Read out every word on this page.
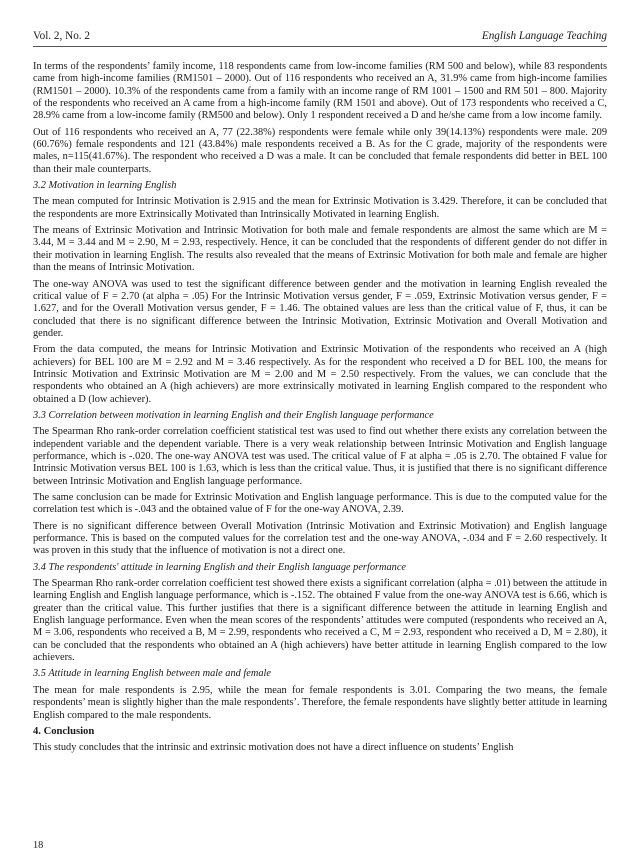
Vol. 2, No. 2	English Language Teaching

In terms of the respondents’ family income, 118 respondents came from low-income families (RM 500 and below), while 83 respondents came from high-income families (RM1501 – 2000). Out of 116 respondents who received an A, 31.9% came from high-income families (RM1501 – 2000). 10.3% of the respondents came from a family with an income range of RM 1001 – 1500 and RM 501 – 800. Majority of the respondents who received an A came from a high-income family (RM 1501 and above). Out of 173 respondents who received a C, 28.9% came from a low-income family (RM500 and below). Only 1 respondent received a D and he/she came from a low income family.

Out of 116 respondents who received an A, 77 (22.38%) respondents were female while only 39(14.13%) respondents were male. 209 (60.76%) female respondents and 121 (43.84%) male respondents received a B. As for the C grade, majority of the respondents were males, n=115(41.67%). The respondent who received a D was a male. It can be concluded that female respondents did better in BEL 100 than their male counterparts.

3.2 Motivation in learning English

The mean computed for Intrinsic Motivation is 2.915 and the mean for Extrinsic Motivation is 3.429. Therefore, it can be concluded that the respondents are more Extrinsically Motivated than Intrinsically Motivated in learning English.

The means of Extrinsic Motivation and Intrinsic Motivation for both male and female respondents are almost the same which are M = 3.44, M = 3.44 and M = 2.90, M = 2.93, respectively. Hence, it can be concluded that the respondents of different gender do not differ in their motivation in learning English. The results also revealed that the means of Extrinsic Motivation for both male and female are higher than the means of Intrinsic Motivation.

The one-way ANOVA was used to test the significant difference between gender and the motivation in learning English revealed the critical value of F = 2.70 (at alpha = .05) For the Intrinsic Motivation versus gender, F = .059, Extrinsic Motivation versus gender, F = 1.627, and for the Overall Motivation versus gender, F = 1.46. The obtained values are less than the critical value of F, thus, it can be concluded that there is no significant difference between the Intrinsic Motivation, Extrinsic Motivation and Overall Motivation and gender.

From the data computed, the means for Intrinsic Motivation and Extrinsic Motivation of the respondents who received an A (high achievers) for BEL 100 are M = 2.92 and M = 3.46 respectively. As for the respondent who received a D for BEL 100, the means for Intrinsic Motivation and Extrinsic Motivation are M = 2.00 and M = 2.50 respectively. From the values, we can conclude that the respondents who obtained an A (high achievers) are more extrinsically motivated in learning English compared to the respondent who obtained a D (low achiever).

3.3 Correlation between motivation in learning English and their English language performance

The Spearman Rho rank-order correlation coefficient statistical test was used to find out whether there exists any correlation between the independent variable and the dependent variable. There is a very weak relationship between Intrinsic Motivation and English language performance, which is -.020. The one-way ANOVA test was used. The critical value of F at alpha = .05 is 2.70. The obtained F value for Intrinsic Motivation versus BEL 100 is 1.63, which is less than the critical value. Thus, it is justified that there is no significant difference between Intrinsic Motivation and English language performance.

The same conclusion can be made for Extrinsic Motivation and English language performance. This is due to the computed value for the correlation test which is -.043 and the obtained value of F for the one-way ANOVA, 2.39.

There is no significant difference between Overall Motivation (Intrinsic Motivation and Extrinsic Motivation) and English language performance. This is based on the computed values for the correlation test and the one-way ANOVA, -.034 and F = 2.60 respectively. It was proven in this study that the influence of motivation is not a direct one.

3.4 The respondents' attitude in learning English and their English language performance

The Spearman Rho rank-order correlation coefficient test showed there exists a significant correlation (alpha = .01) between the attitude in learning English and English language performance, which is -.152. The obtained F value from the one-way ANOVA test is 6.66, which is greater than the critical value. This further justifies that there is a significant difference between the attitude in learning English and English language performance. Even when the mean scores of the respondents’ attitudes were computed (respondents who received an A, M = 3.06, respondents who received a B, M = 2.99, respondents who received a C, M = 2.93, respondent who received a D, M = 2.80), it can be concluded that the respondents who obtained an A (high achievers) have better attitude in learning English compared to the low achievers.

3.5 Attitude in learning English between male and female

The mean for male respondents is 2.95, while the mean for female respondents is 3.01. Comparing the two means, the female respondents’ mean is slightly higher than the male respondents’. Therefore, the female respondents have slightly better attitude in learning English compared to the male respondents.

4. Conclusion

This study concludes that the intrinsic and extrinsic motivation does not have a direct influence on students’ English

18
